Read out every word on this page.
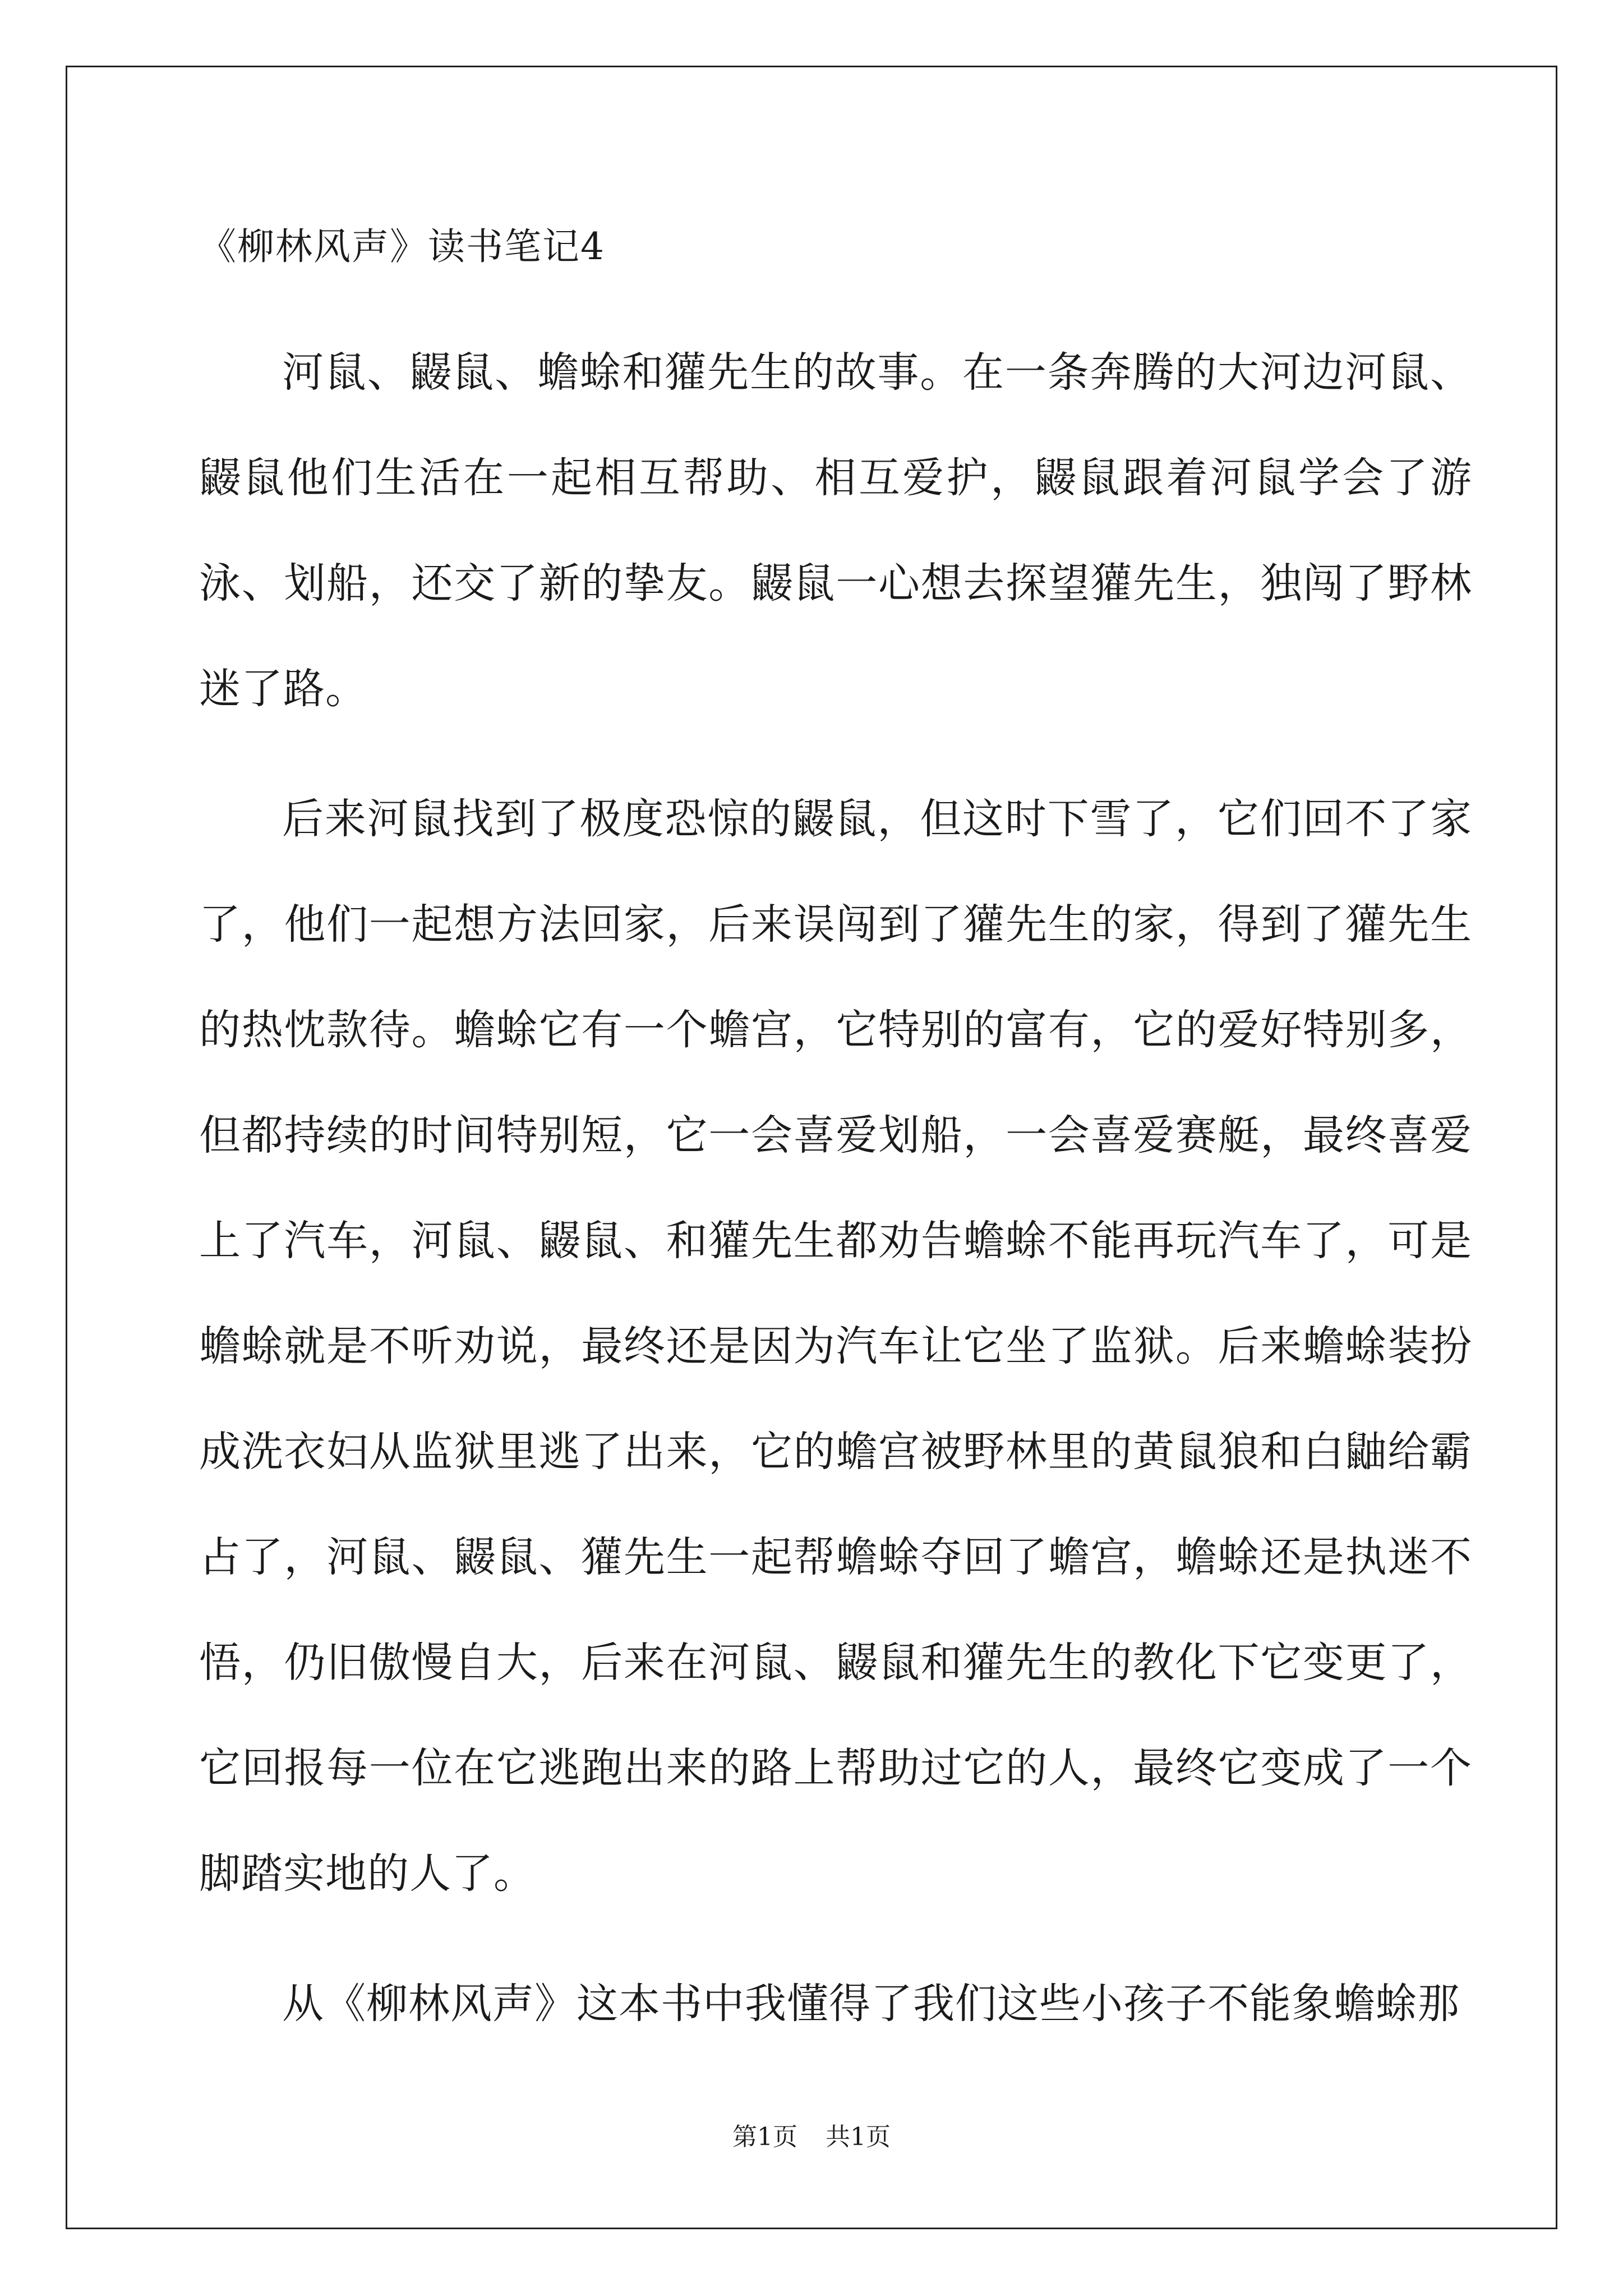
《柳林风声》读书笔记4

河鼠、鼹鼠、蟾蜍和獾先生的故事。在一条奔腾的大河边河鼠、鼹鼠他们生活在一起相互帮助、相互爱护，鼹鼠跟着河鼠学会了游泳、划船，还交了新的挚友。鼹鼠一心想去探望獾先生，独闯了野林迷了路。

后来河鼠找到了极度恐惊的鼹鼠，但这时下雪了，它们回不了家了，他们一起想方法回家，后来误闯到了獾先生的家，得到了獾先生的热忱款待。蟾蜍它有一个蟾宫，它特别的富有，它的爱好特别多，但都持续的时间特别短，它一会喜爱划船，一会喜爱赛艇，最终喜爱上了汽车，河鼠、鼹鼠、和獾先生都劝告蟾蜍不能再玩汽车了，可是蟾蜍就是不听劝说，最终还是因为汽车让它坐了监狱。后来蟾蜍装扮成洗衣妇从监狱里逃了出来，它的蟾宫被野林里的黄鼠狼和白鼬给霸占了，河鼠、鼹鼠、獾先生一起帮蟾蜍夺回了蟾宫，蟾蜍还是执迷不悟，仍旧傲慢自大，后来在河鼠、鼹鼠和獾先生的教化下它变更了，它回报每一位在它逃跑出来的路上帮助过它的人，最终它变成了一个脚踏实地的人了。

从《柳林风声》这本书中我懂得了我们这些小孩子不能象蟾蜍那

第1页 共1页
